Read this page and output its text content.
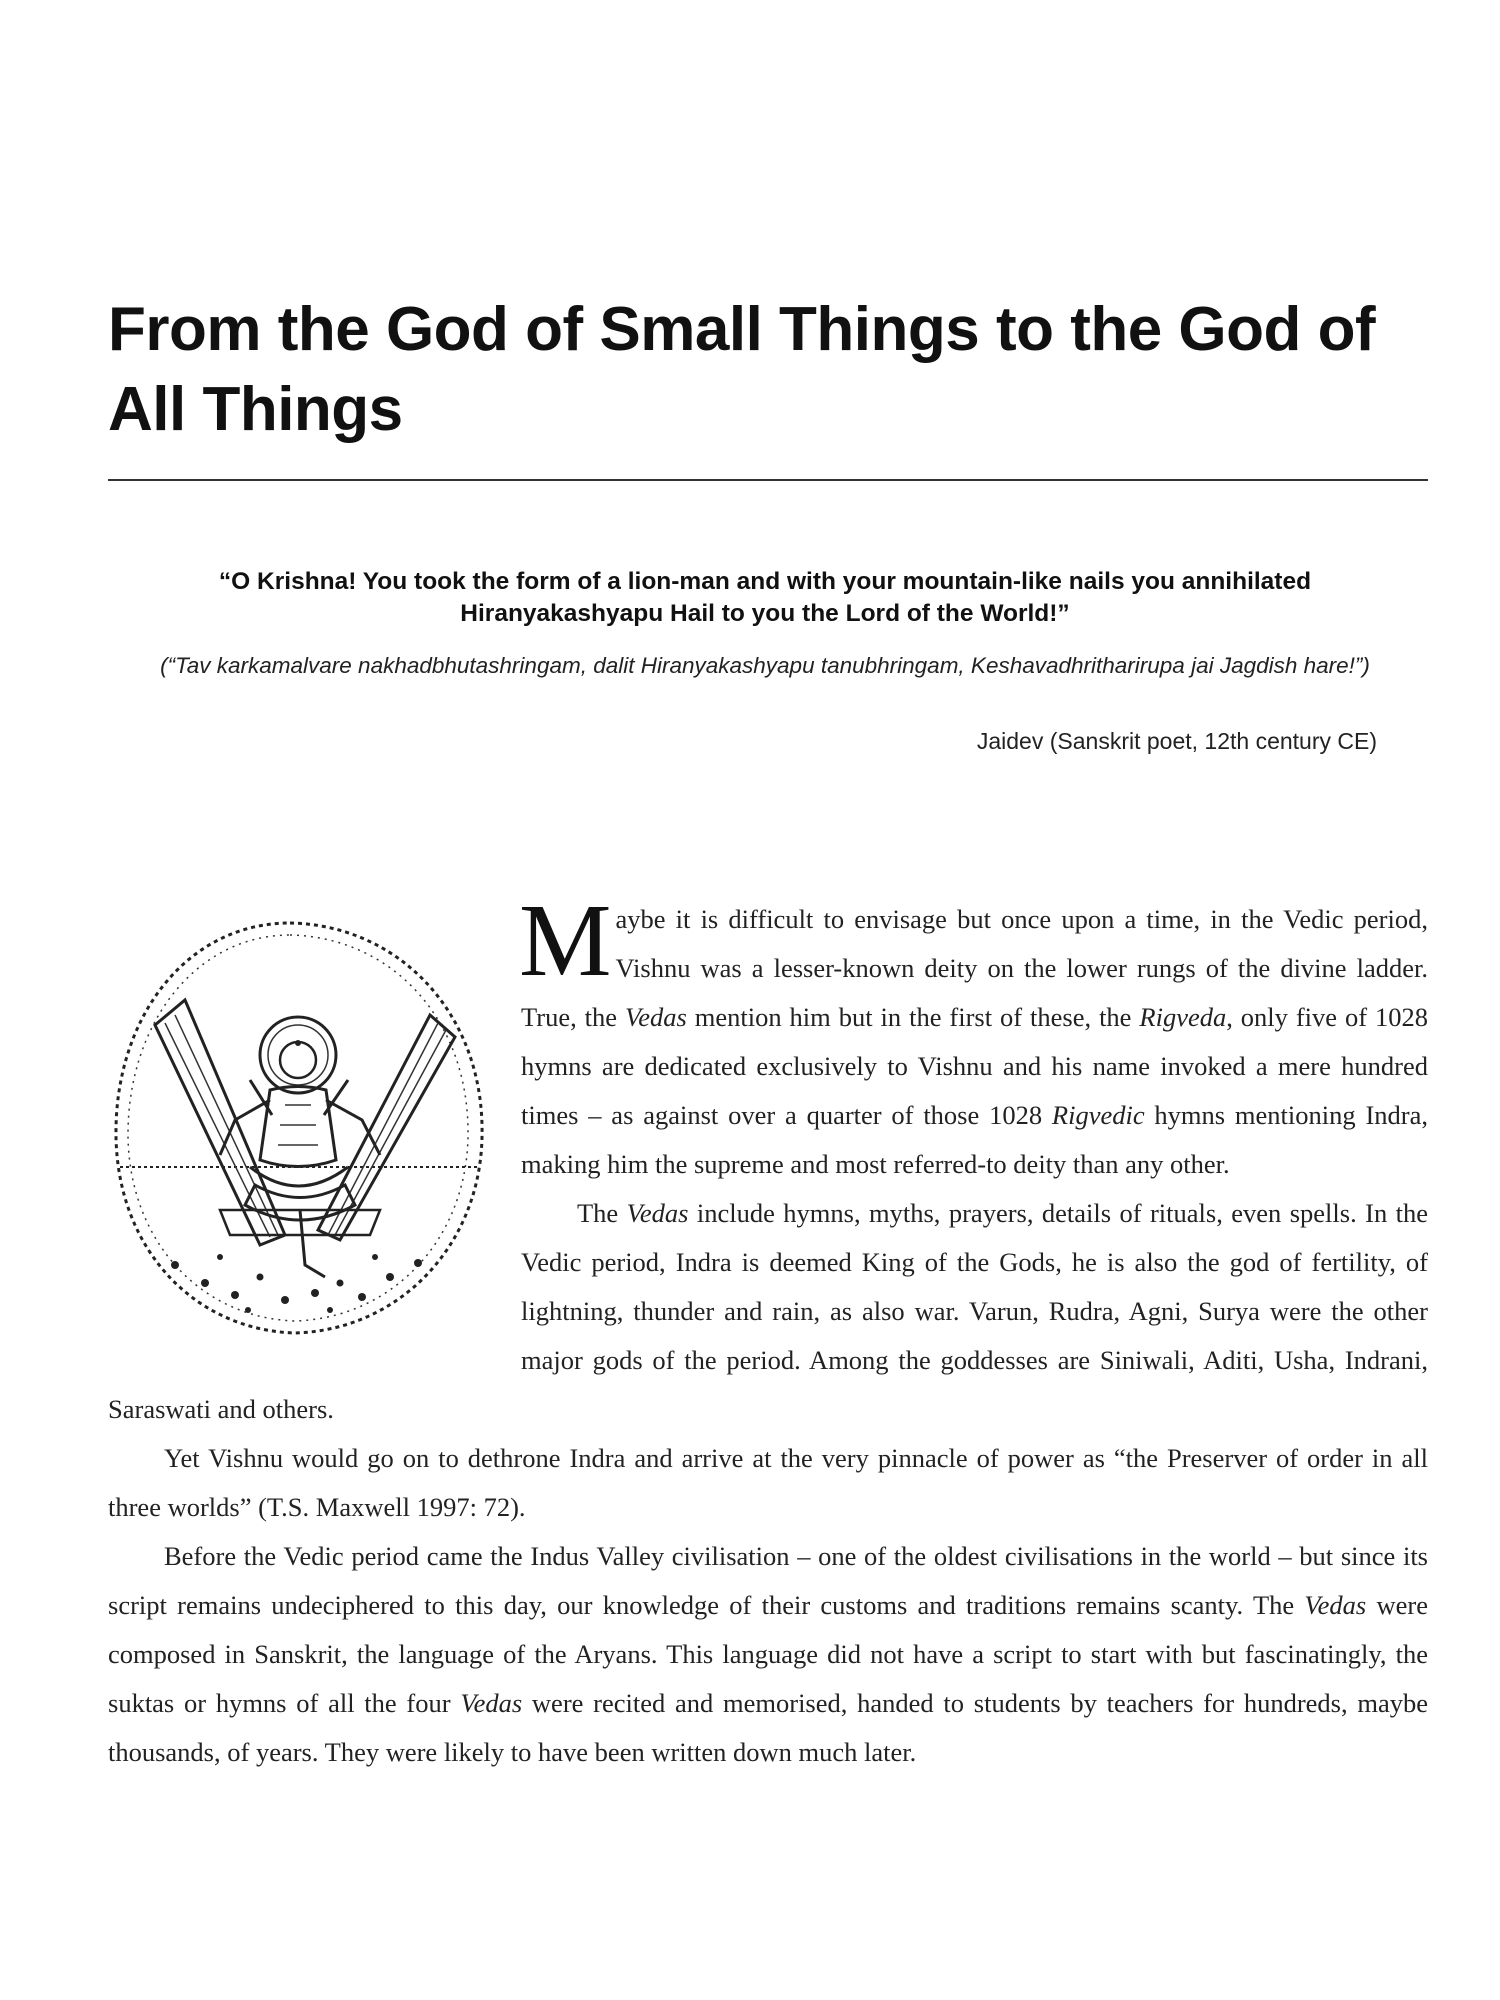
From the God of Small Things to the God of All Things
“O Krishna! You took the form of a lion-man and with your mountain-like nails you annihilated Hiranyakashyapu Hail to you the Lord of the World!”
(“Tav karkamalvare nakhadbhutashringam, dalit Hiranyakashyapu tanubhringam, Keshavadhritharirupa jai Jagdish hare!”)
Jaidev (Sanskrit poet, 12th century CE)

Maybe it is difficult to envisage but once upon a time, in the Vedic period, Vishnu was a lesser-known deity on the lower rungs of the divine ladder. True, the Vedas mention him but in the first of these, the Rigveda, only five of 1028 hymns are dedicated exclusively to Vishnu and his name invoked a mere hundred times – as against over a quarter of those 1028 Rigvedic hymns mentioning Indra, making him the supreme and most referred-to deity than any other.

The Vedas include hymns, myths, prayers, details of rituals, even spells. In the Vedic period, Indra is deemed King of the Gods, he is also the god of fertility, of lightning, thunder and rain, as also war. Varun, Rudra, Agni, Surya were the other major gods of the period. Among the goddesses are Siniwali, Aditi, Usha, Indrani, Saraswati and others.

Yet Vishnu would go on to dethrone Indra and arrive at the very pinnacle of power as “the Preserver of order in all three worlds” (T.S. Maxwell 1997: 72).

Before the Vedic period came the Indus Valley civilisation – one of the oldest civilisations in the world – but since its script remains undeciphered to this day, our knowledge of their customs and traditions remains scanty. The Vedas were composed in Sanskrit, the language of the Aryans. This language did not have a script to start with but fascinatingly, the suktas or hymns of all the four Vedas were recited and memorised, handed to students by teachers for hundreds, maybe thousands, of years. They were likely to have been written down much later.
